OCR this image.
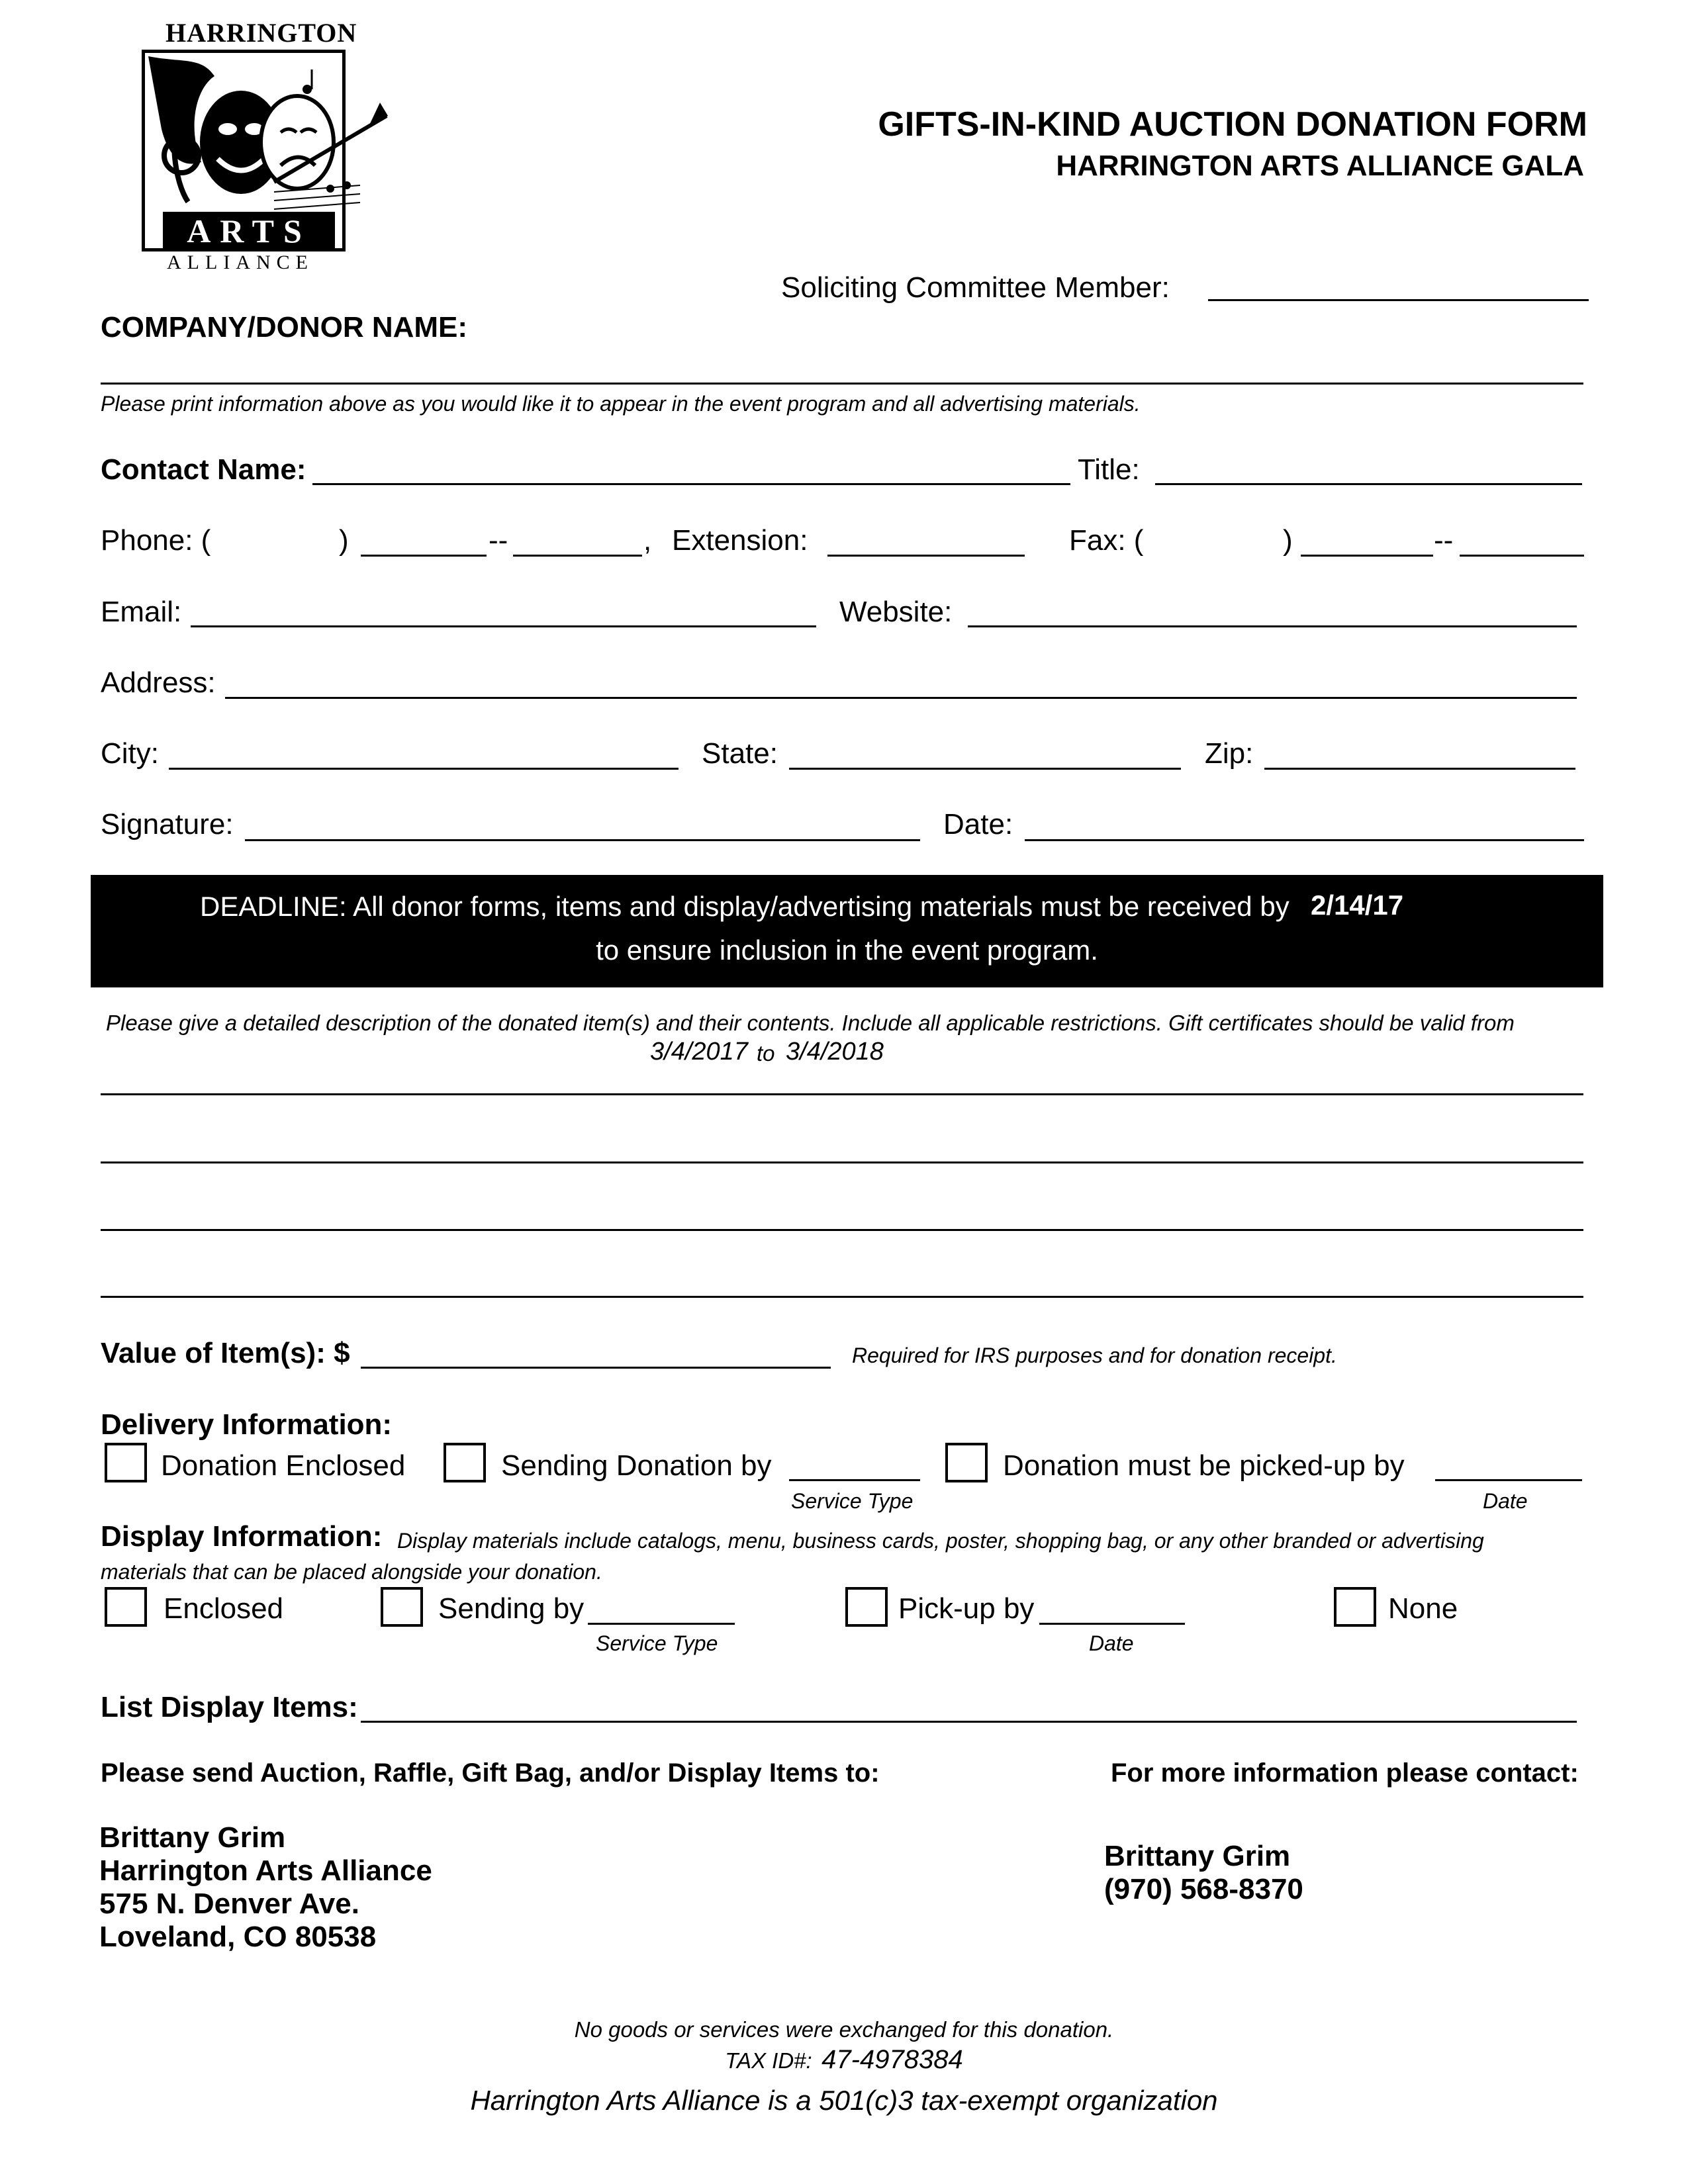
HARRINGTON
ARTS
ALLIANCE
GIFTS-IN-KIND AUCTION DONATION FORM
HARRINGTON ARTS ALLIANCE GALA
Soliciting Committee Member:
COMPANY/DONOR NAME:
Please print information above as you would like it to appear in the event program and all advertising materials.
Contact Name:	Title:
Phone: (	)	--	, Extension:	Fax: (	)	--
Email:	Website:
Address:
City:	State:	Zip:
Signature:	Date:
DEADLINE: All donor forms, items and display/advertising materials must be received by 2/14/17
to ensure inclusion in the event program.
Please give a detailed description of the donated item(s) and their contents. Include all applicable restrictions. Gift certificates should be valid from
3/4/2017 to 3/4/2018
Value of Item(s): $	Required for IRS purposes and for donation receipt.
Delivery Information:
Donation Enclosed	Sending Donation by
Service Type
Donation must be picked-up by
Date
Display Information: Display materials include catalogs, menu, business cards, poster, shopping bag, or any other branded or advertising
materials that can be placed alongside your donation.
Enclosed	Sending by
Service Type
Pick-up by
Date
None
List Display Items:
Please send Auction, Raffle, Gift Bag, and/or Display Items to:	For more information please contact:
Brittany Grim
Harrington Arts Alliance
575 N. Denver Ave.
Loveland, CO 80538
Brittany Grim
(970) 568-8370
No goods or services were exchanged for this donation.
TAX ID#: 47-4978384
Harrington Arts Alliance is a 501(c)3 tax-exempt organization
